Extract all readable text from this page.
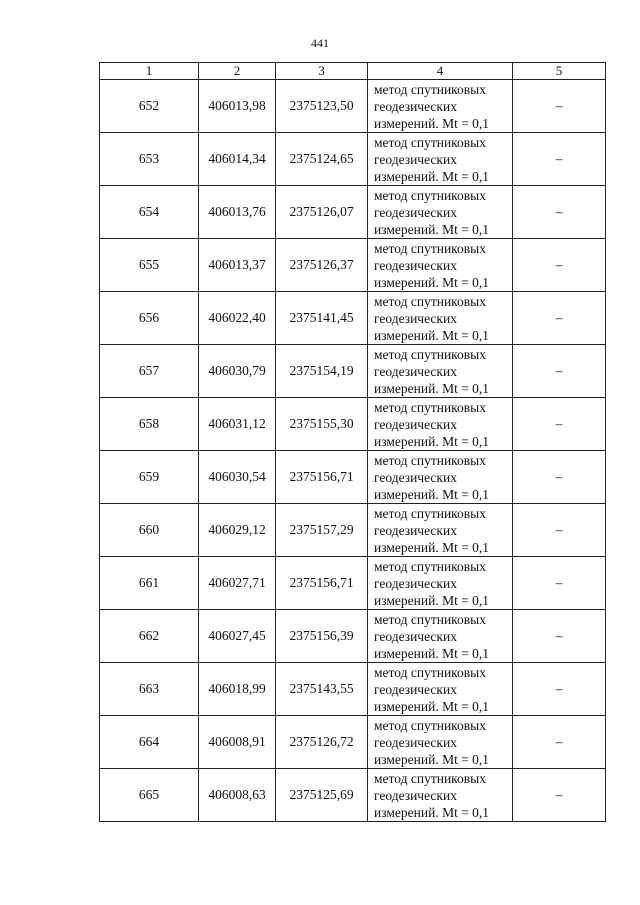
441
1	2	3	4	5
652	406013,98	2375123,50	метод спутниковых
геодезических
измерений. Mt = 0,1	–
653	406014,34	2375124,65	метод спутниковых
геодезических
измерений. Mt = 0,1	–
654	406013,76	2375126,07	метод спутниковых
геодезических
измерений. Mt = 0,1	–
655	406013,37	2375126,37	метод спутниковых
геодезических
измерений. Mt = 0,1	–
656	406022,40	2375141,45	метод спутниковых
геодезических
измерений. Mt = 0,1	–
657	406030,79	2375154,19	метод спутниковых
геодезических
измерений. Mt = 0,1	–
658	406031,12	2375155,30	метод спутниковых
геодезических
измерений. Mt = 0,1	–
659	406030,54	2375156,71	метод спутниковых
геодезических
измерений. Mt = 0,1	–
660	406029,12	2375157,29	метод спутниковых
геодезических
измерений. Mt = 0,1	–
661	406027,71	2375156,71	метод спутниковых
геодезических
измерений. Mt = 0,1	–
662	406027,45	2375156,39	метод спутниковых
геодезических
измерений. Mt = 0,1	–
663	406018,99	2375143,55	метод спутниковых
геодезических
измерений. Mt = 0,1	–
664	406008,91	2375126,72	метод спутниковых
геодезических
измерений. Mt = 0,1	–
665	406008,63	2375125,69	метод спутниковых
геодезических
измерений. Mt = 0,1	–
